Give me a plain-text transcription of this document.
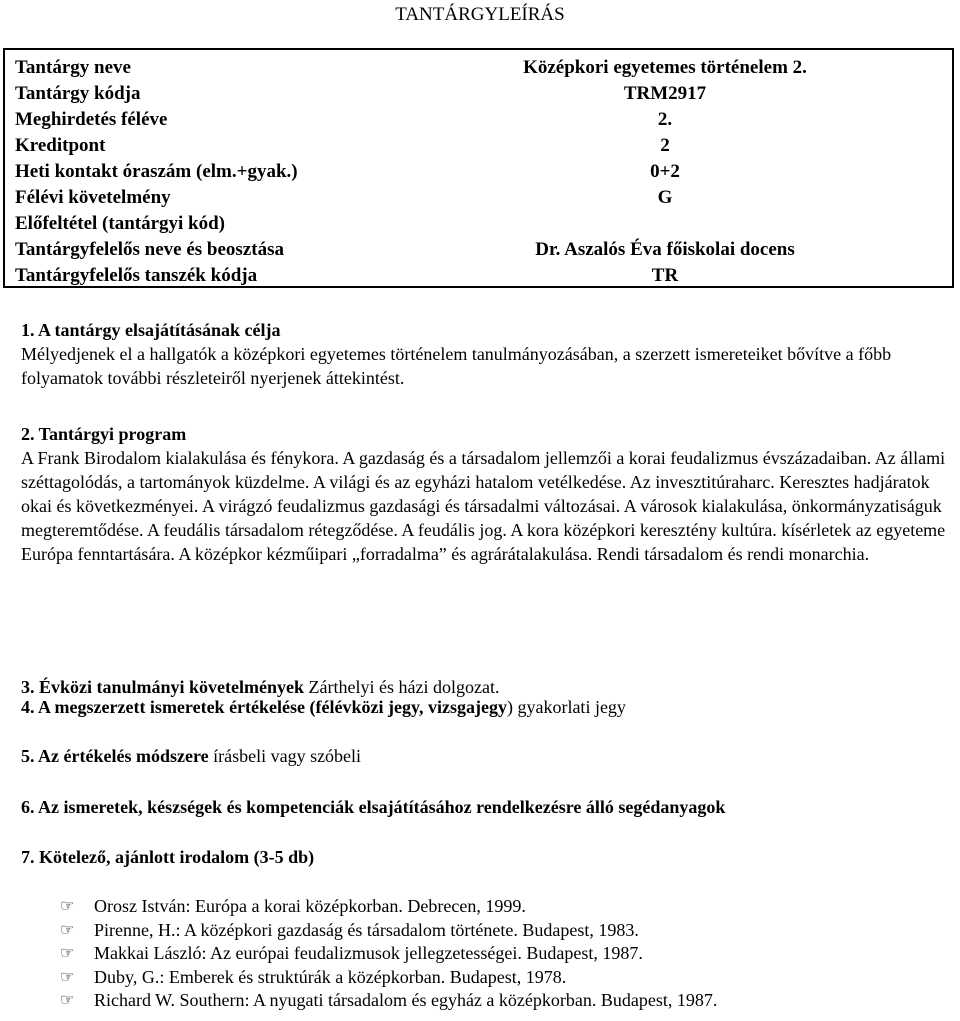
TANTÁRGYLEÍRÁS
Tantárgy neve	Középkori egyetemes történelem 2.
Tantárgy kódja	TRM2917
Meghirdetés féléve	2.
Kreditpont	2
Heti kontakt óraszám (elm.+gyak.)	0+2
Félévi követelmény	G
Előfeltétel (tantárgyi kód)
Tantárgyfelelős neve és beosztása	Dr. Aszalós Éva főiskolai docens
Tantárgyfelelős tanszék kódja	TR
1. A tantárgy elsajátításának célja

Mélyedjenek el a hallgatók a középkori egyetemes történelem tanulmányozásában, a szerzett ismereteiket bővítve a főbb folyamatok további részleteiről nyerjenek áttekintést.

2. Tantárgyi program

A Frank Birodalom kialakulása és fénykora. A gazdaság és a társadalom jellemzői a korai feudalizmus évszázadaiban. Az állami széttagolódás, a tartományok küzdelme. A világi és az egyházi hatalom vetélkedése. Az invesztitúraharc. Keresztes hadjáratok okai és következményei. A virágzó feudalizmus gazdasági és társadalmi változásai. A városok kialakulása, önkormányzatiságuk megteremtődése. A feudális társadalom rétegződése. A feudális jog. A kora középkori keresztény kultúra. kísérletek az egyeteme Európa fenntartására. A középkor kézműipari „forradalma” és agrárátalakulása. Rendi társadalom és rendi monarchia.

3. Évközi tanulmányi követelmények Zárthelyi és házi dolgozat.
4. A megszerzett ismeretek értékelése (félévközi jegy, vizsgajegy) gyakorlati jegy
5. Az értékelés módszere írásbeli vagy szóbeli
6. Az ismeretek, készségek és kompetenciák elsajátításához rendelkezésre álló segédanyagok
7. Kötelező, ajánlott irodalom (3-5 db)
☞ Orosz István: Európa a korai középkorban. Debrecen, 1999.
☞ Pirenne, H.: A középkori gazdaság és társadalom története. Budapest, 1983.
☞ Makkai László: Az európai feudalizmusok jellegzetességei. Budapest, 1987.
☞ Duby, G.: Emberek és struktúrák a középkorban. Budapest, 1978.
☞ Richard W. Southern: A nyugati társadalom és egyház a középkorban. Budapest, 1987.
